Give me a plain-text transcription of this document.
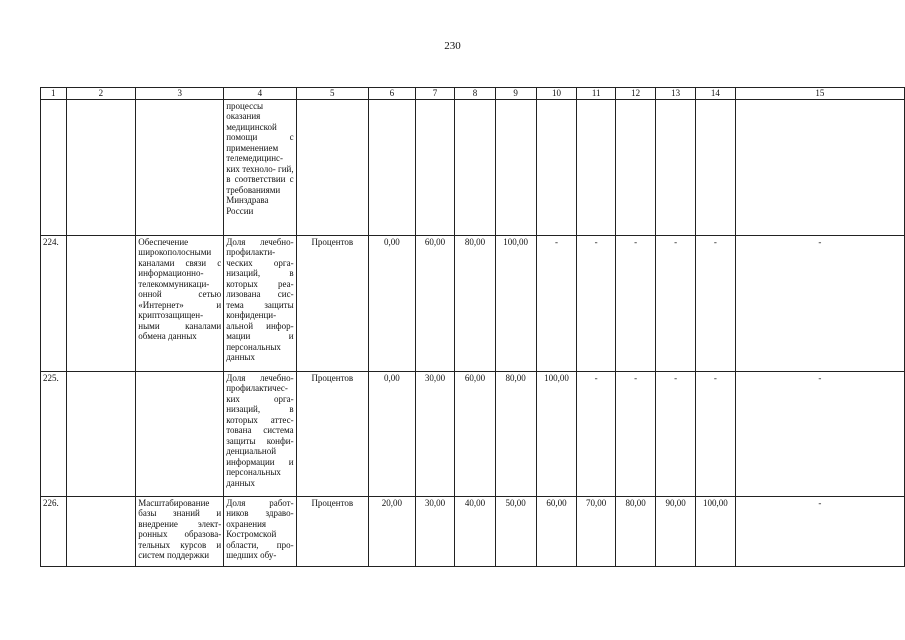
230
1	2	3	4	5	6	7	8	9	10	11	12	13	14	15
			процессы оказания медицинской помощи с применением телемедицинс- ких техноло- гий, в соответствии с требованиями Минздрава России											
224.		Обеспечение широкополосными каналами связи с информационно- телекоммуникаци- онной сетью «Интернет» и криптозащищен- ными каналами обмена данных	Доля лечебно- профилакти- ческих орга- низаций, в которых реа- лизована сис- тема защиты конфиденци- альной инфор- мации и персональных данных	Процентов	0,00	60,00	80,00	100,00	-	-	-	-	-	-
225.			Доля лечебно- профилактичес- ких орга- низаций, в которых аттес- тована система защиты конфи- денциальной информации и персональных данных	Процентов	0,00	30,00	60,00	80,00	100,00	-	-	-	-	-
226.		Масштабирование базы знаний и внедрение элект- ронных образова- тельных курсов и систем поддержки	Доля работ- ников здраво- охранения Костромской области, про- шедших обу-	Процентов	20,00	30,00	40,00	50,00	60,00	70,00	80,00	90,00	100,00	-
